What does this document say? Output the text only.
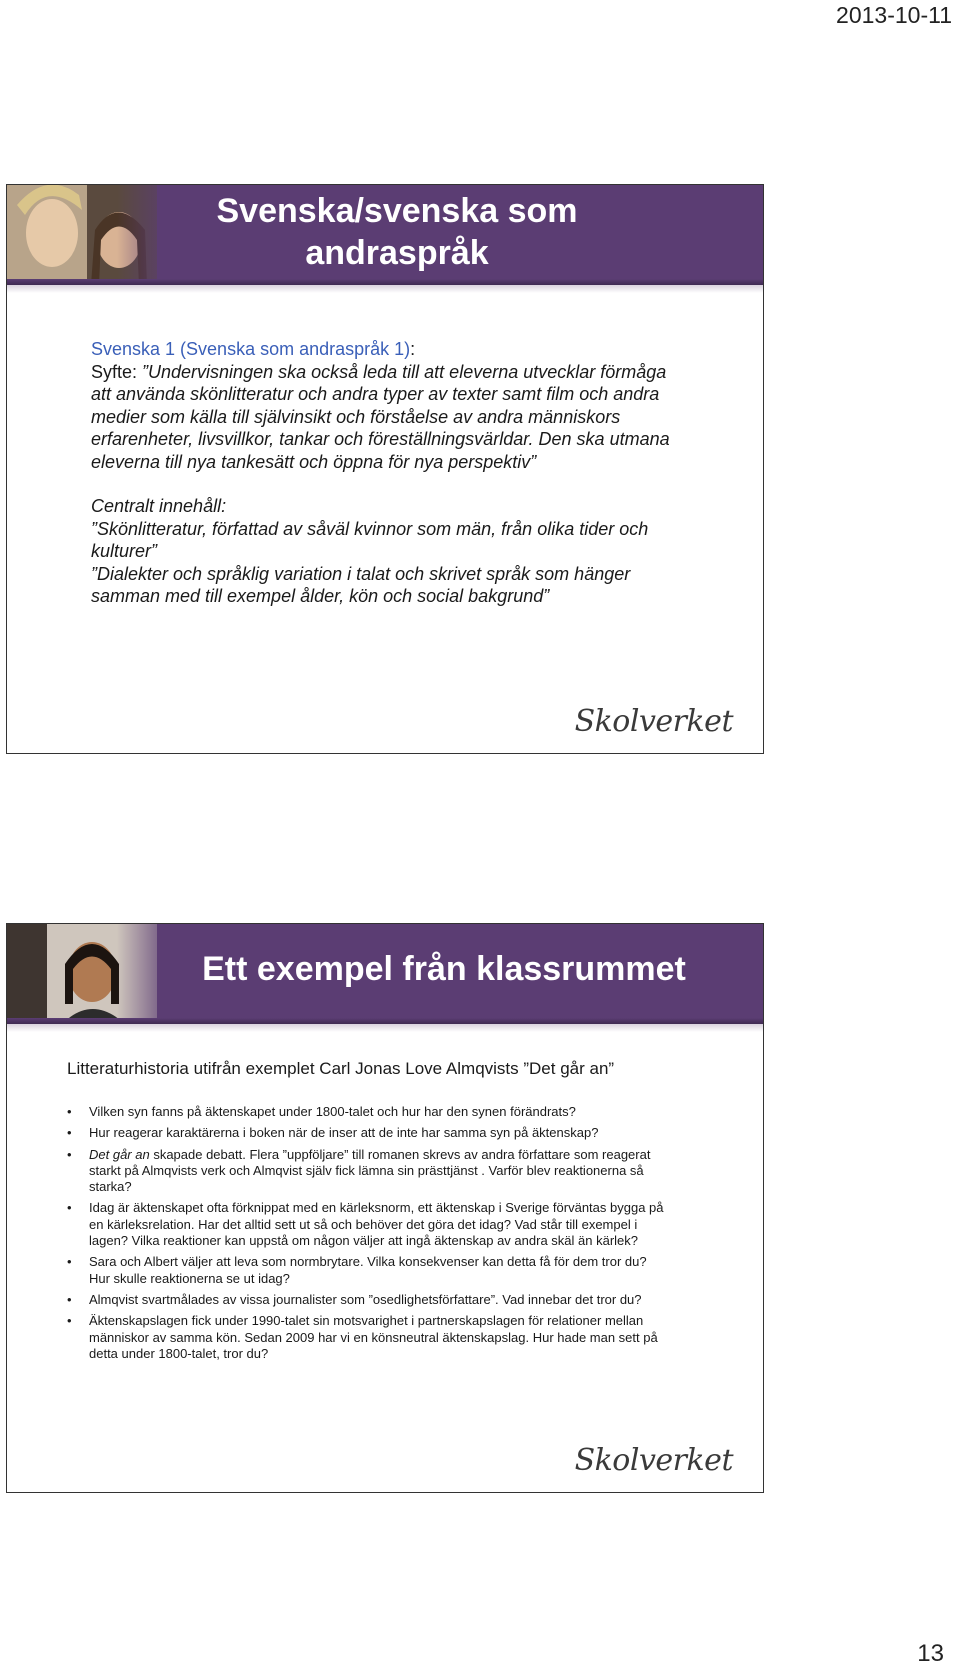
2013-10-11
Svenska/svenska som andraspråk

Svenska 1 (Svenska som andraspråk 1):

Syfte: ”Undervisningen ska också leda till att eleverna utvecklar förmåga att använda skönlitteratur och andra typer av texter samt film och andra medier som källa till självinsikt och förståelse av andra människors erfarenheter, livsvillkor, tankar och föreställningsvärldar. Den ska utmana eleverna till nya tankesätt och öppna för nya perspektiv”

Centralt innehåll:

”Skönlitteratur, författad av såväl kvinnor som män, från olika tider och kulturer”

”Dialekter och språklig variation i talat och skrivet språk som hänger samman med till exempel ålder, kön och social bakgrund”

Skolverket
Ett exempel från klassrummet
Litteraturhistoria utifrån exemplet Carl Jonas Love Almqvists ”Det går an”
• Vilken syn fanns på äktenskapet under 1800-talet och hur har den synen förändrats?
• Hur reagerar karaktärerna i boken när de inser att de inte har samma syn på äktenskap?
• Det går an skapade debatt. Flera ”uppföljare” till romanen skrevs av andra författare som reagerat starkt på Almqvists verk och Almqvist själv fick lämna sin prästtjänst . Varför blev reaktionerna så starka?
• Idag är äktenskapet ofta förknippat med en kärleksnorm, ett äktenskap i Sverige förväntas bygga på en kärleksrelation. Har det alltid sett ut så och behöver det göra det idag? Vad står till exempel i lagen? Vilka reaktioner kan uppstå om någon väljer att ingå äktenskap av andra skäl än kärlek?
• Sara och Albert väljer att leva som normbrytare. Vilka konsekvenser kan detta få för dem tror du? Hur skulle reaktionerna se ut idag?
• Almqvist svartmålades av vissa journalister som ”osedlighetsförfattare”. Vad innebar det tror du?
• Äktenskapslagen fick under 1990-talet sin motsvarighet i partnerskapslagen för relationer mellan människor av samma kön. Sedan 2009 har vi en könsneutral äktenskapslag. Hur hade man sett på detta under 1800-talet, tror du?
Skolverket
13
